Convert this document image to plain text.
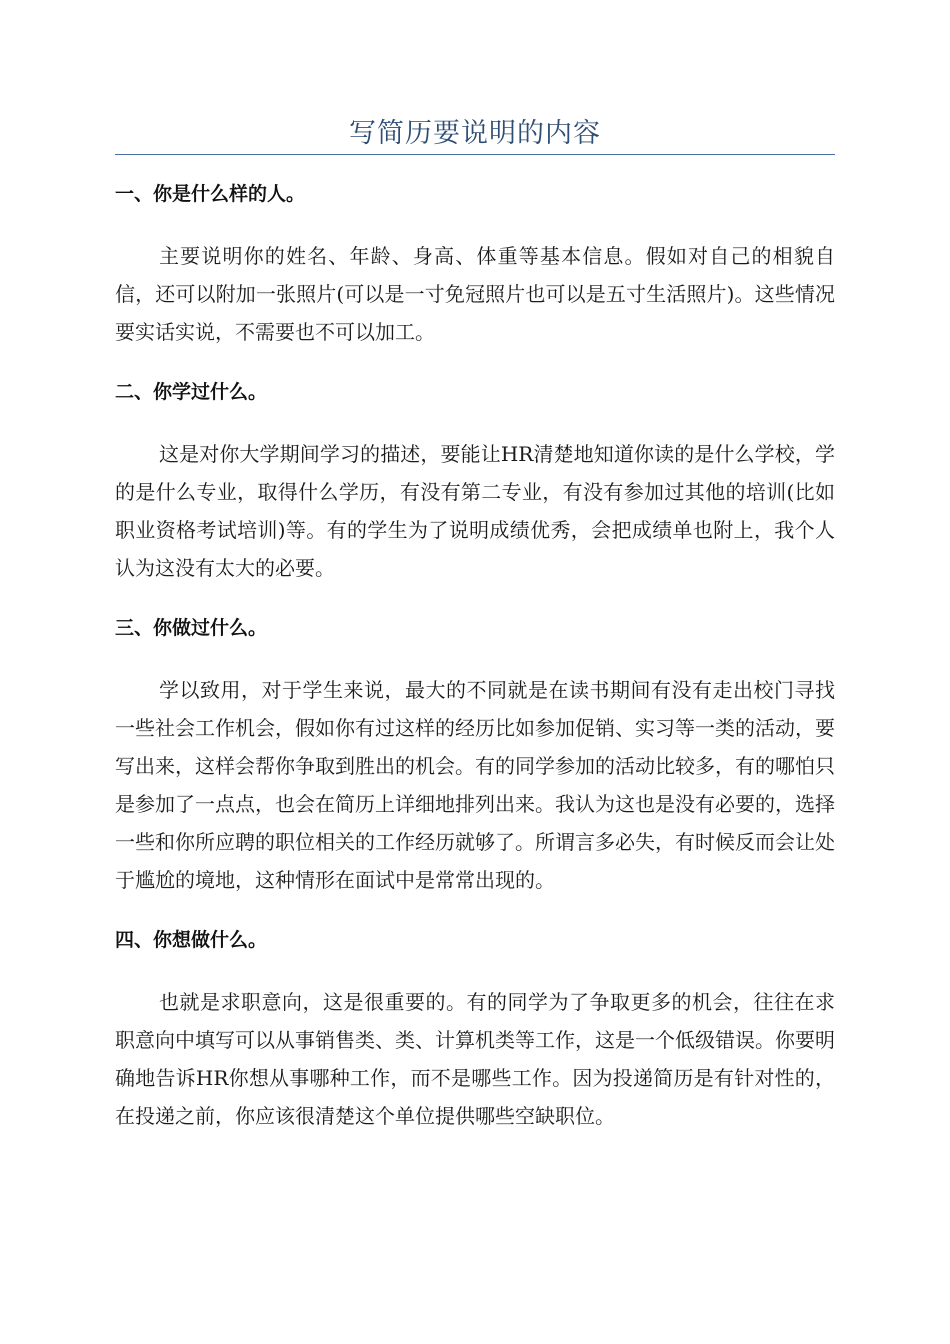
写简历要说明的内容
一、你是什么样的人。

主要说明你的姓名、年龄、身高、体重等基本信息。假如对自己的相貌自信，还可以附加一张照片(可以是一寸免冠照片也可以是五寸生活照片)。这些情况要实话实说，不需要也不可以加工。

二、你学过什么。

这是对你大学期间学习的描述，要能让HR清楚地知道你读的是什么学校，学的是什么专业，取得什么学历，有没有第二专业，有没有参加过其他的培训(比如职业资格考试培训)等。有的学生为了说明成绩优秀，会把成绩单也附上，我个人认为这没有太大的必要。

三、你做过什么。

学以致用，对于学生来说，最大的不同就是在读书期间有没有走出校门寻找一些社会工作机会，假如你有过这样的经历比如参加促销、实习等一类的活动，要写出来，这样会帮你争取到胜出的机会。有的同学参加的活动比较多，有的哪怕只是参加了一点点，也会在简历上详细地排列出来。我认为这也是没有必要的，选择一些和你所应聘的职位相关的工作经历就够了。所谓言多必失，有时候反而会让处于尴尬的境地，这种情形在面试中是常常出现的。

四、你想做什么。

也就是求职意向，这是很重要的。有的同学为了争取更多的机会，往往在求职意向中填写可以从事销售类、类、计算机类等工作，这是一个低级错误。你要明确地告诉HR你想从事哪种工作，而不是哪些工作。因为投递简历是有针对性的，在投递之前，你应该很清楚这个单位提供哪些空缺职位。
